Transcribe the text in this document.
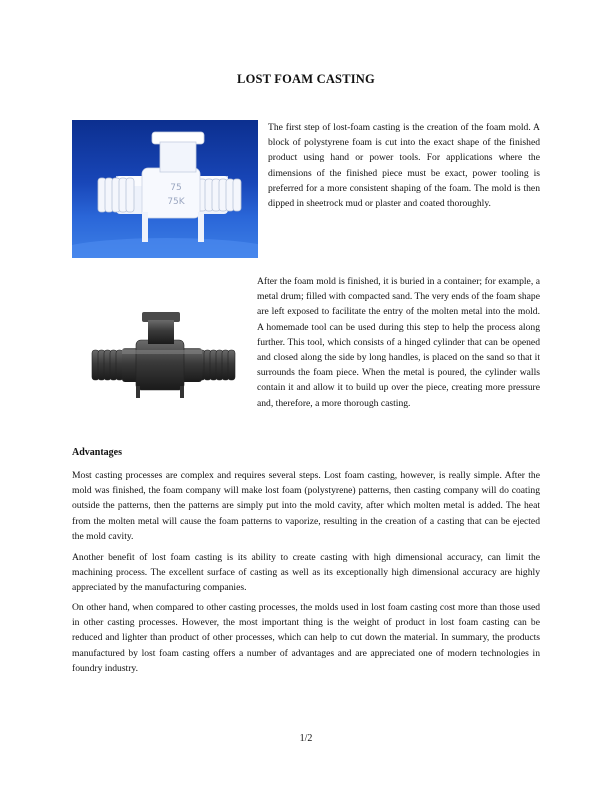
LOST FOAM CASTING
75
75K

The first step of lost-foam casting is the creation of the foam mold. A block of polystyrene foam is cut into the exact shape of the finished product using hand or power tools. For applications where the dimensions of the finished piece must be exact, power tooling is preferred for a more consistent shaping of the foam. The mold is then dipped in sheetrock mud or plaster and coated thoroughly.

After the foam mold is finished, it is buried in a container; for example, a metal drum; filled with compacted sand. The very ends of the foam shape are left exposed to facilitate the entry of the molten metal into the mold. A homemade tool can be used during this step to help the process along further. This tool, which consists of a hinged cylinder that can be opened and closed along the side by long handles, is placed on the sand so that it surrounds the foam piece. When the metal is poured, the cylinder walls contain it and allow it to build up over the piece, creating more pressure and, therefore, a more thorough casting.

Advantages

Most casting processes are complex and requires several steps. Lost foam casting, however, is really simple. After the mold was finished, the foam company will make lost foam (polystyrene) patterns, then casting company will do coating outside the patterns, then the patterns are simply put into the mold cavity, after which molten metal is added. The heat from the molten metal will cause the foam patterns to vaporize, resulting in the creation of a casting that can be ejected the mold cavity.

Another benefit of lost foam casting is its ability to create casting with high dimensional accuracy, can limit the machining process. The excellent surface of casting as well as its exceptionally high dimensional accuracy are highly appreciated by the manufacturing companies.

On other hand, when compared to other casting processes, the molds used in lost foam casting cost more than those used in other casting processes. However, the most important thing is the weight of product in lost foam casting can be reduced and lighter than product of other processes, which can help to cut down the material. In summary, the products manufactured by lost foam casting offers a number of advantages and are appreciated one of modern technologies in foundry industry.

1/2
